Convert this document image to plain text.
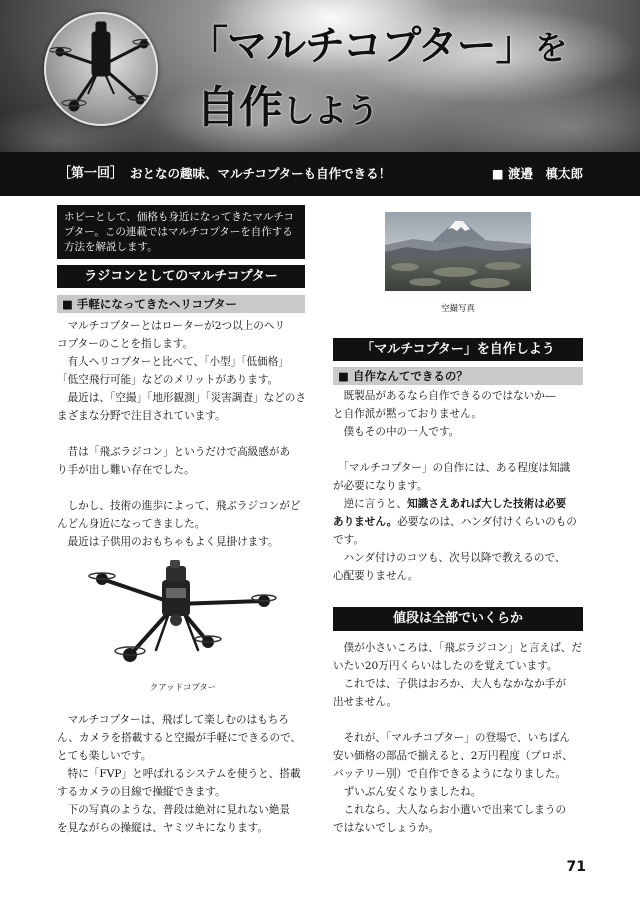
「マルチコプター」を
自作しよう
［第一回］ おとなの趣味、マルチコプターも自作できる！	■ 渡邉　槙太郎
ホビーとして、価格も身近になってきたマルチコ
プター。この連載ではマルチコプターを自作する
方法を解説します。
ラジコンとしてのマルチコプター
■ 手軽になってきたヘリコプター
　マルチコプターとはローターが2つ以上のヘリ
コプターのことを指します。
　有人ヘリコプターと比べて、「小型」「低価格」
「低空飛行可能」などのメリットがあります。
　最近は、「空撮」「地形観測」「災害調査」などのさ
まざまな分野で注目されています。
　昔は「飛ぶラジコン」というだけで高級感があ
り手が出し難い存在でした。
　しかし、技術の進歩によって、飛ぶラジコンがど
んどん身近になってきました。
　最近は子供用のおもちゃもよく見掛けます。
クアッドコプター
　マルチコプターは、飛ばして楽しむのはもちろ
ん、カメラを搭載すると空撮が手軽にできるので、
とても楽しいです。
　特に「FVP」と呼ばれるシステムを使うと、搭載
するカメラの目線で操縦できます。
　下の写真のような、普段は絶対に見れない絶景
を見ながらの操縦は、ヤミツキになります。
空撮写真
「マルチコプター」を自作しよう
■ 自作なんてできるの？
　既製品があるなら自作できるのではないか―
と自作派が黙っておりません。
　僕もその中の一人です。
　「マルチコプター」の自作には、ある程度は知識
が必要になります。
　逆に言うと、知識さえあれば大した技術は必要
ありません。必要なのは、ハンダ付けくらいのもの
です。
　ハンダ付けのコツも、次号以降で教えるので、
心配要りません。
値段は全部でいくらか
　僕が小さいころは、「飛ぶラジコン」と言えば、だ
いたい20万円くらいはしたのを覚えています。
　これでは、子供はおろか、大人もなかなか手が
出せません。
　それが、「マルチコプター」の登場で、いちばん
安い価格の部品で揃えると、2万円程度（プロポ、
バッテリー別）で自作できるようになりました。
　ずいぶん安くなりましたね。
　これなら、大人ならお小遣いで出来てしまうの
ではないでしょうか。
71
